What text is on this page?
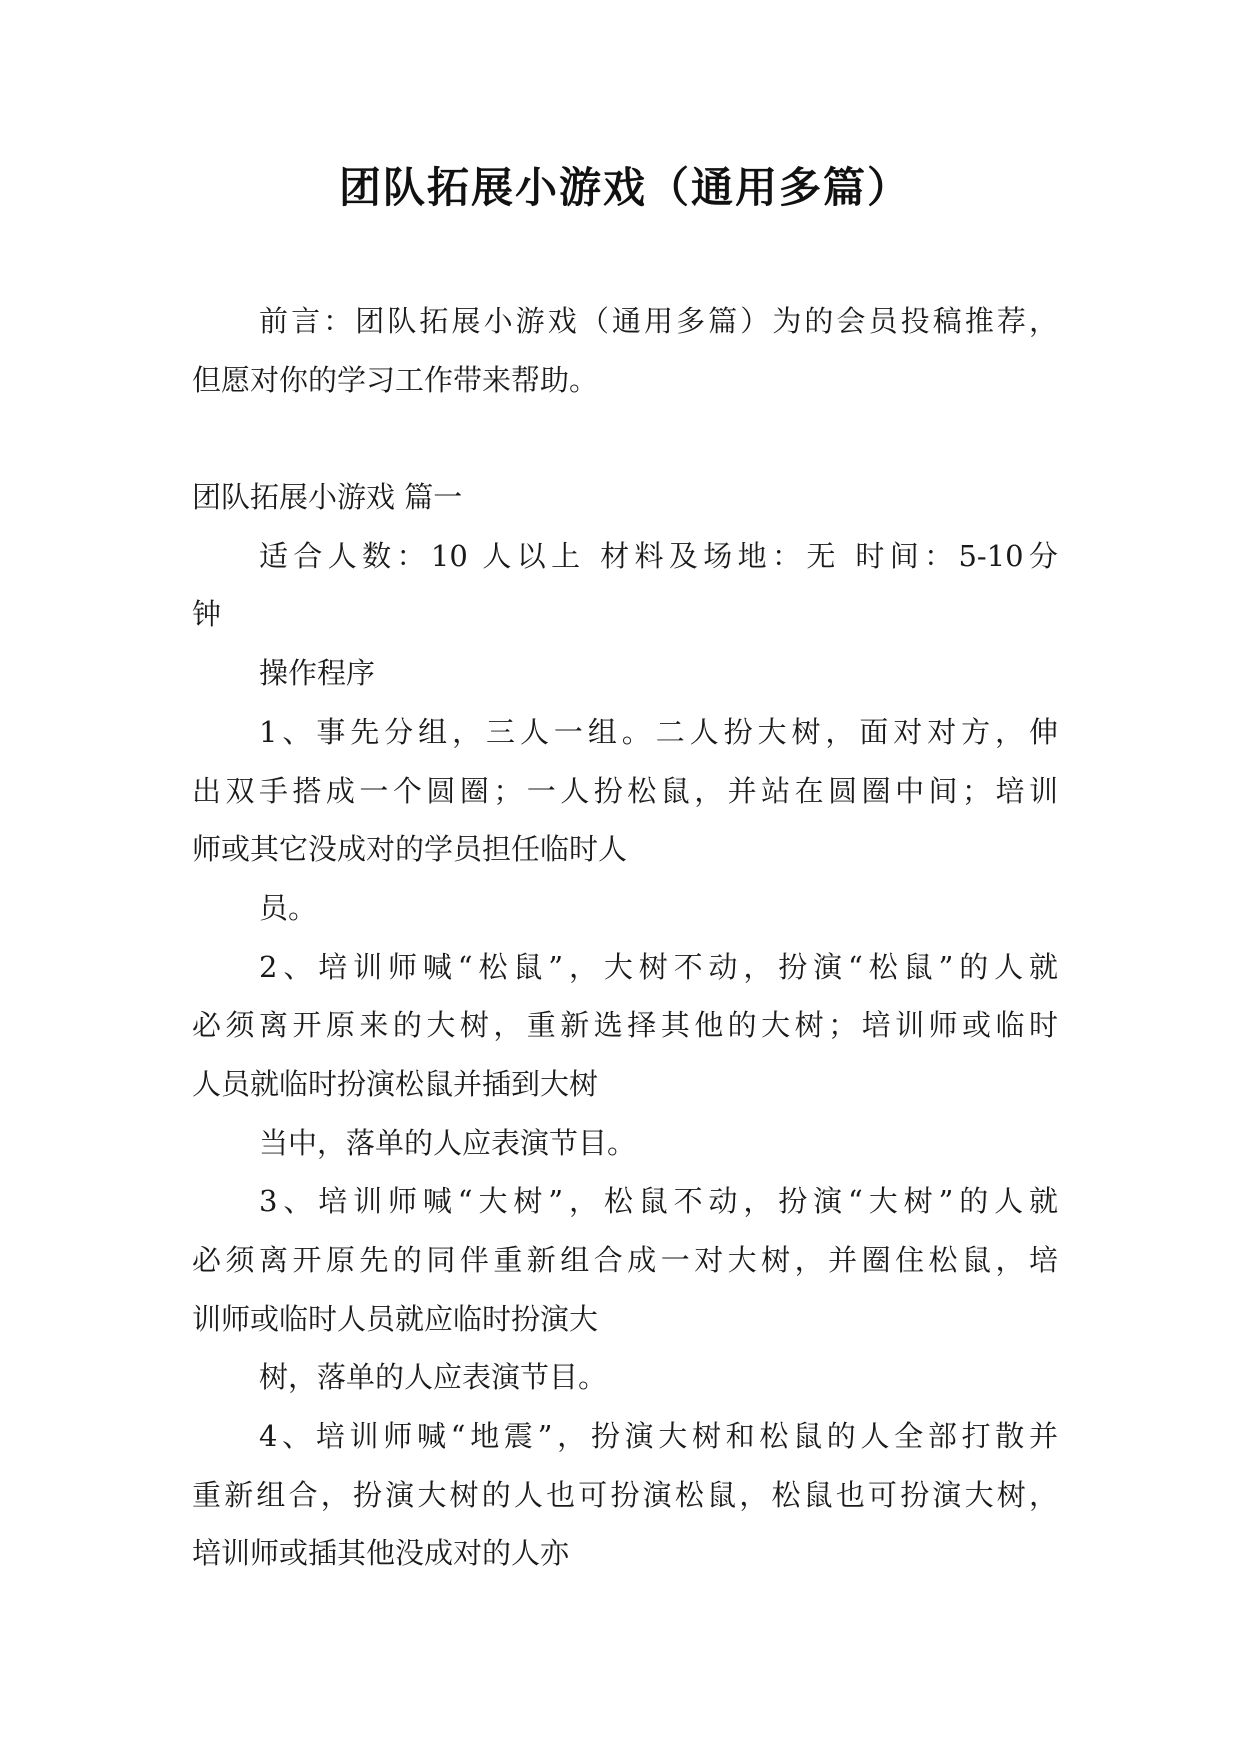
团队拓展小游戏（通用多篇）
前言：团队拓展小游戏（通用多篇）为的会员投稿推荐，
但愿对你的学习工作带来帮助。
团队拓展小游戏 篇一
适合人数：10 人以上 材料及场地：无 时间：5-10分
钟
操作程序
1、事先分组，三人一组。二人扮大树，面对对方，伸
出双手搭成一个圆圈；一人扮松鼠，并站在圆圈中间；培训
师或其它没成对的学员担任临时人
员。
2、培训师喊“松鼠”，大树不动，扮演“松鼠”的人就
必须离开原来的大树，重新选择其他的大树；培训师或临时
人员就临时扮演松鼠并插到大树
当中，落单的人应表演节目。
3、培训师喊“大树”，松鼠不动，扮演“大树”的人就
必须离开原先的同伴重新组合成一对大树，并圈住松鼠，培
训师或临时人员就应临时扮演大
树，落单的人应表演节目。
4、培训师喊“地震”，扮演大树和松鼠的人全部打散并
重新组合，扮演大树的人也可扮演松鼠，松鼠也可扮演大树，
培训师或插其他没成对的人亦
